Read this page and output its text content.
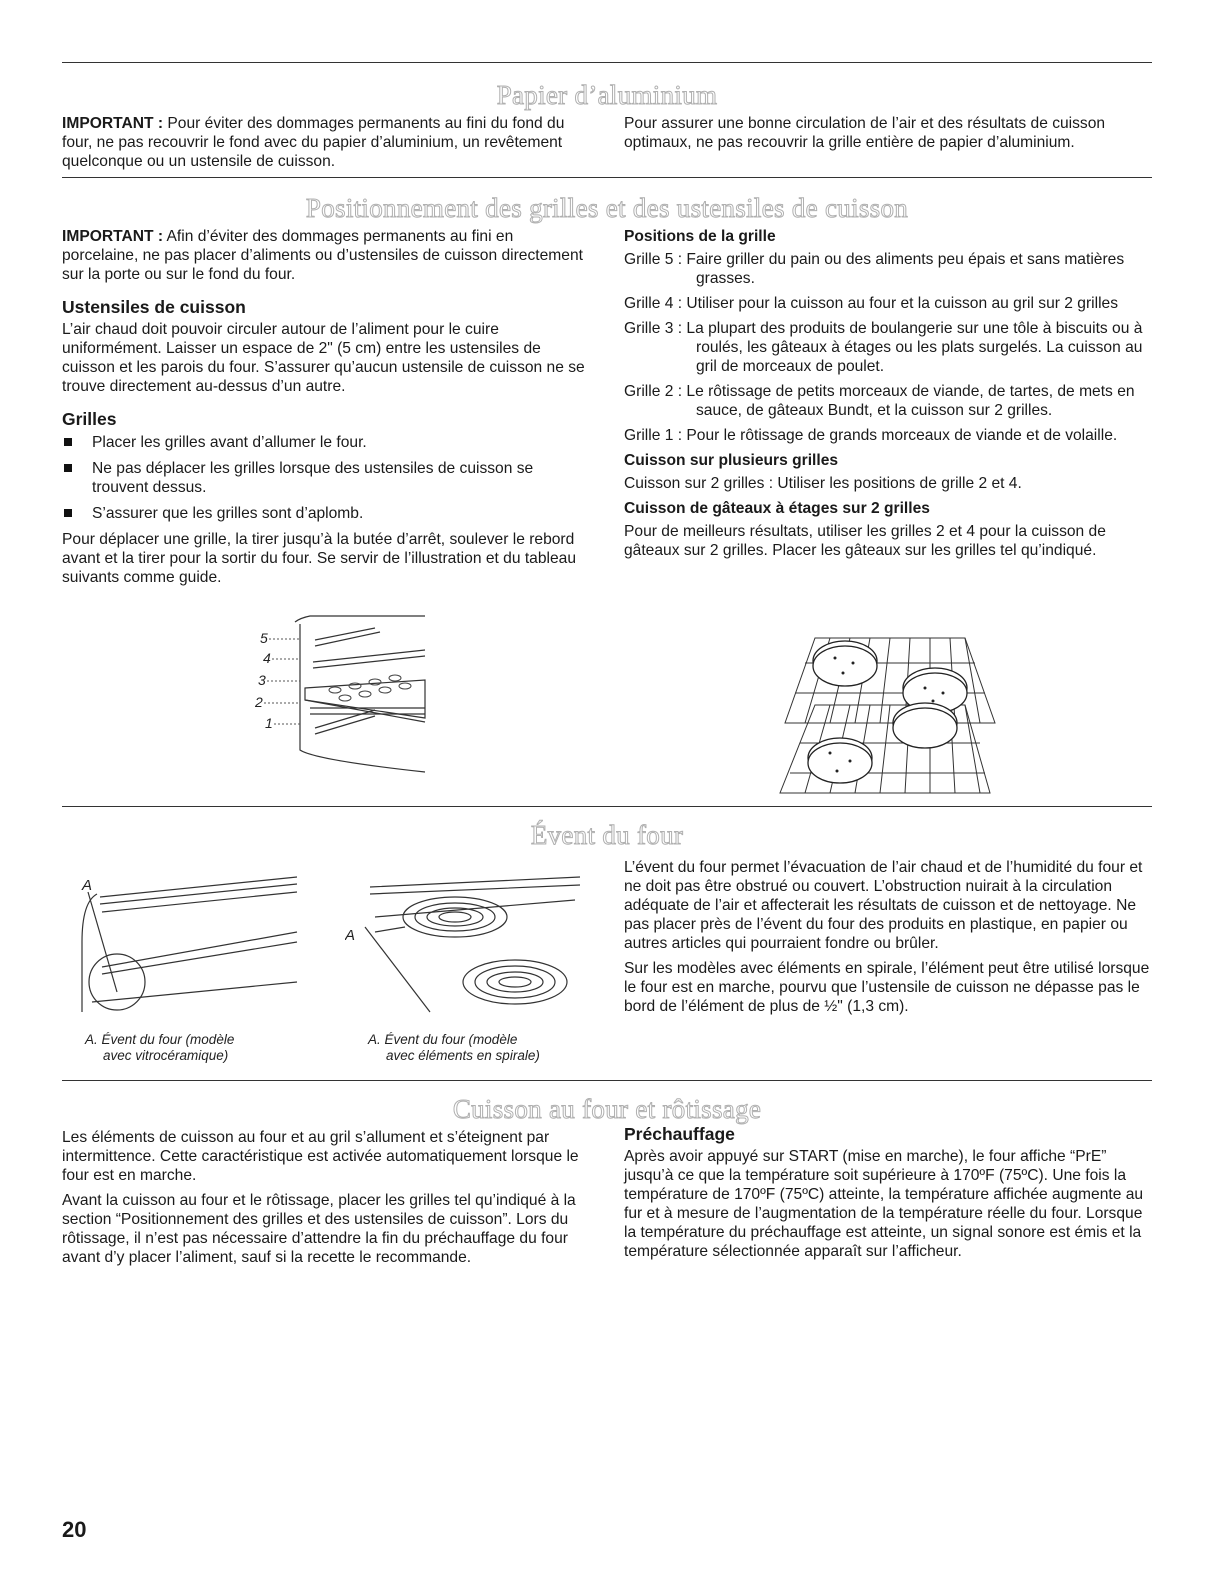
Papier d’aluminium

IMPORTANT : Pour éviter des dommages permanents au fini du fond du four, ne pas recouvrir le fond avec du papier d’aluminium, un revêtement quelconque ou un ustensile de cuisson.

Pour assurer une bonne circulation de l’air et des résultats de cuisson optimaux, ne pas recouvrir la grille entière de papier d’aluminium.

Positionnement des grilles et des ustensiles de cuisson

IMPORTANT : Afin d’éviter des dommages permanents au fini en porcelaine, ne pas placer d’aliments ou d’ustensiles de cuisson directement sur la porte ou sur le fond du four.

Ustensiles de cuisson

L’air chaud doit pouvoir circuler autour de l’aliment pour le cuire uniformément. Laisser un espace de 2" (5 cm) entre les ustensiles de cuisson et les parois du four. S’assurer qu’aucun ustensile de cuisson ne se trouve directement au-dessus d’un autre.

Grilles
Placer les grilles avant d’allumer le four.
Ne pas déplacer les grilles lorsque des ustensiles de cuisson se trouvent dessus.
S’assurer que les grilles sont d’aplomb.

Pour déplacer une grille, la tirer jusqu’à la butée d’arrêt, soulever le rebord avant et la tirer pour la sortir du four. Se servir de l’illustration et du tableau suivants comme guide.

5
4
3
2
1
Positions de la grille

Grille 5 : Faire griller du pain ou des aliments peu épais et sans matières grasses.

Grille 4 : Utiliser pour la cuisson au four et la cuisson au gril sur 2 grilles

Grille 3 : La plupart des produits de boulangerie sur une tôle à biscuits ou à roulés, les gâteaux à étages ou les plats surgelés. La cuisson au gril de morceaux de poulet.

Grille 2 : Le rôtissage de petits morceaux de viande, de tartes, de mets en sauce, de gâteaux Bundt, et la cuisson sur 2 grilles.

Grille 1 : Pour le rôtissage de grands morceaux de viande et de volaille.

Cuisson sur plusieurs grilles

Cuisson sur 2 grilles : Utiliser les positions de grille 2 et 4.

Cuisson de gâteaux à étages sur 2 grilles

Pour de meilleurs résultats, utiliser les grilles 2 et 4 pour la cuisson de gâteaux sur 2 grilles. Placer les gâteaux sur les grilles tel qu’indiqué.

Évent du four
A
A. Évent du four (modèle
avec vitrocéramique)
A
A. Évent du four (modèle
avec éléments en spirale)

L’évent du four permet l’évacuation de l’air chaud et de l’humidité du four et ne doit pas être obstrué ou couvert. L’obstruction nuirait à la circulation adéquate de l’air et affecterait les résultats de cuisson et de nettoyage. Ne pas placer près de l’évent du four des produits en plastique, en papier ou autres articles qui pourraient fondre ou brûler.

Sur les modèles avec éléments en spirale, l’élément peut être utilisé lorsque le four est en marche, pourvu que l’ustensile de cuisson ne dépasse pas le bord de l’élément de plus de ½" (1,3 cm).

Cuisson au four et rôtissage

Les éléments de cuisson au four et au gril s’allument et s’éteignent par intermittence. Cette caractéristique est activée automatiquement lorsque le four est en marche.

Avant la cuisson au four et le rôtissage, placer les grilles tel qu’indiqué à la section “Positionnement des grilles et des ustensiles de cuisson”. Lors du rôtissage, il n’est pas nécessaire d’attendre la fin du préchauffage du four avant d’y placer l’aliment, sauf si la recette le recommande.

Préchauffage

Après avoir appuyé sur START (mise en marche), le four affiche “PrE” jusqu’à ce que la température soit supérieure à 170ºF (75ºC). Une fois la température de 170ºF (75ºC) atteinte, la température affichée augmente au fur et à mesure de l’augmentation de la température réelle du four. Lorsque la température du préchauffage est atteinte, un signal sonore est émis et la température sélectionnée apparaît sur l’afficheur.

20
